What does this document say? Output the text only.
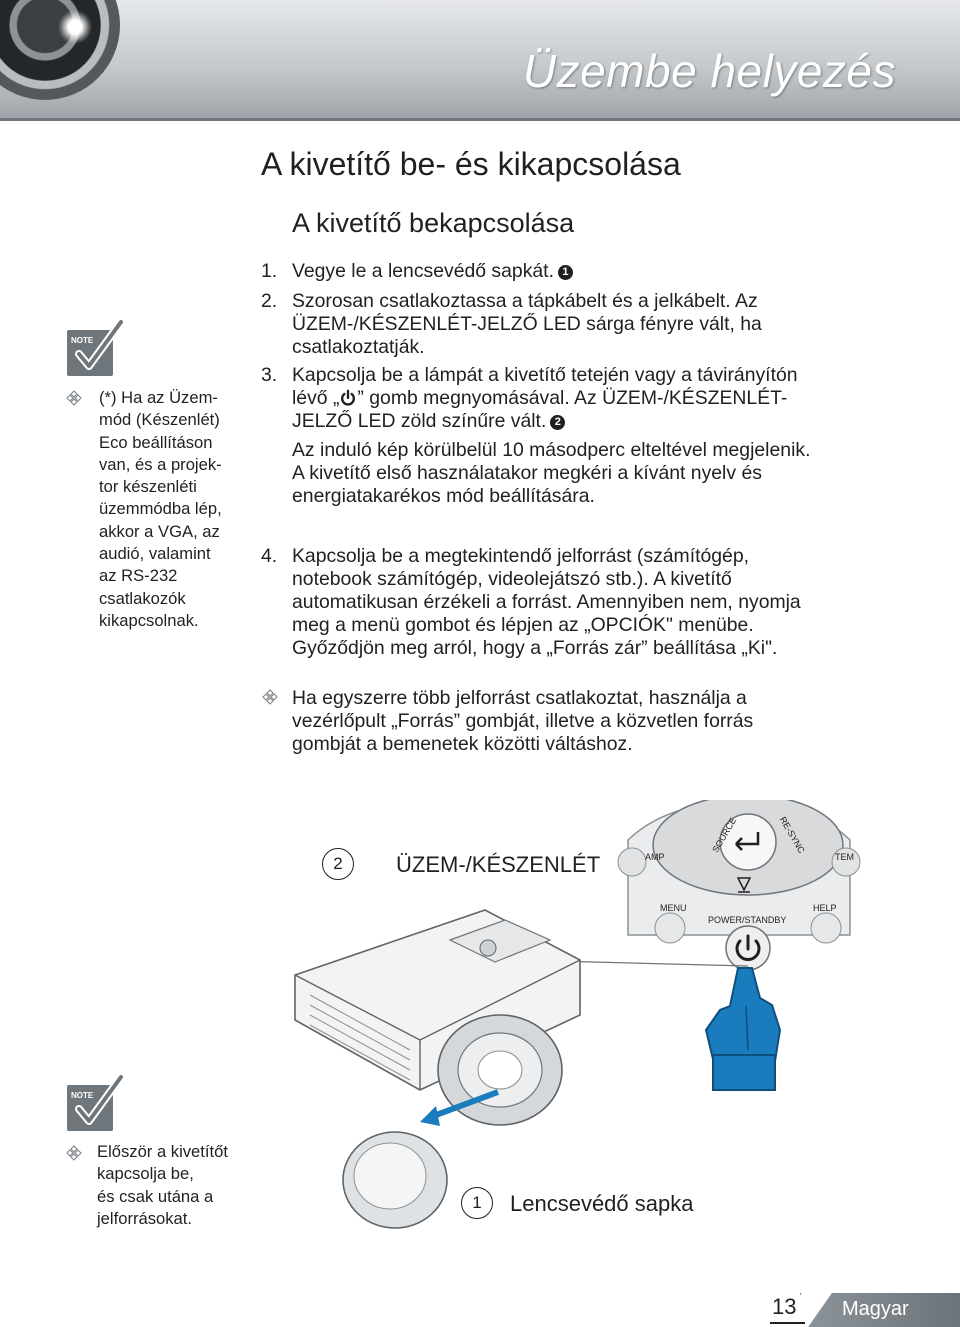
Üzembe helyezés
A kivetítő be- és kikapcsolása
A kivetítő bekapcsolása
1. Vegye le a lencsevédő sapkát. 1
2. Szorosan csatlakoztassa a tápkábelt és a jelkábelt. Az
ÜZEM-/KÉSZENLÉT-JELZŐ LED sárga fényre vált, ha
csatlakoztatják.
3. Kapcsolja be a lámpát a kivetítő tetején vagy a távirányítón
lévő „ ” gomb megnyomásával. Az ÜZEM-/KÉSZENLÉT-
JELZŐ LED zöld színűre vált. 2
Az induló kép körülbelül 10 másodperc elteltével megjelenik.
A kivetítő első használatakor megkéri a kívánt nyelv és
energiatakarékos mód beállítására.
4. Kapcsolja be a megtekintendő jelforrást (számítógép,
notebook számítógép, videolejátszó stb.). A kivetítő
automatikusan érzékeli a forrást. Amennyiben nem, nyomja
meg a menü gombot és lépjen az „OPCIÓK" menübe.
Győződjön meg arról, hogy a „Forrás zár” beállítása „Ki".
Ha egyszerre több jelforrást csatlakoztat, használja a
vezérlőpult „Forrás” gombját, illetve a közvetlen forrás
gombját a bemenetek közötti váltáshoz.
NOTE
(*) Ha az Üzem-
mód (Készenlét)
Eco beállításon
van, és a projek-
tor készenléti
üzemmódba lép,
akkor a VGA, az
audió, valamint
az RS-232
csatlakozók
kikapcsolnak.
NOTE
Először a kivetítőt
kapcsolja be,
és csak utána a
jelforrásokat.
2	ÜZEM-/KÉSZENLÉT
1	Lencsevédő sapka
AMP
SOURCE	RE-SYNC
TEM
MENU	HELP
POWER/STANDBY
13 Magyar
